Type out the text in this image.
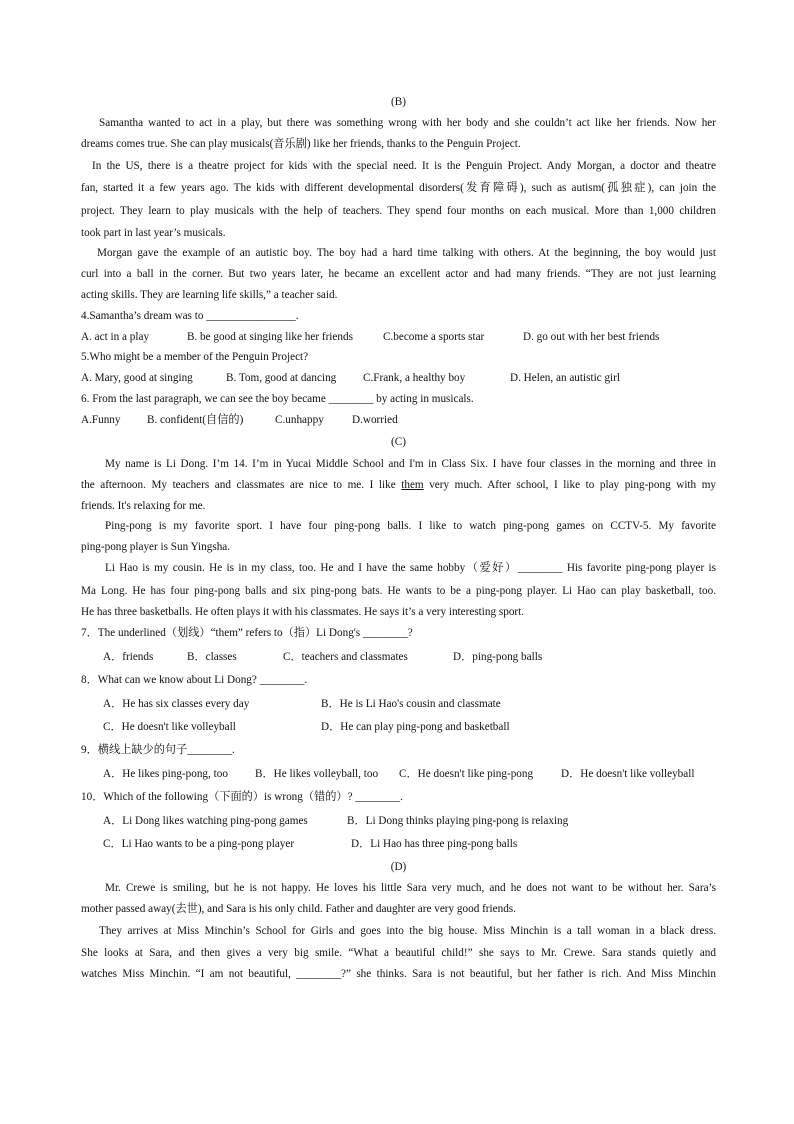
(B)
Samantha wanted to act in a play, but there was something wrong with her body and she couldn’t act like her friends. Now her
dreams comes true. She can play musicals(音乐剧) like her friends, thanks to the Penguin Project.
In the US, there is a theatre project for kids with the special need. It is the Penguin Project. Andy Morgan, a doctor and theatre
fan, started it a few years ago. The kids with different developmental disorders(发育障碍), such as autism(孤独症), can join the
project. They learn to play musicals with the help of teachers. They spend four months on each musical. More than 1,000 children
took part in last year’s musicals.
Morgan gave the example of an autistic boy. The boy had a hard time talking with others. At the beginning, the boy would just
curl into a ball in the corner. But two years later, he became an excellent actor and had many friends. “They are not just learning
acting skills. They are learning life skills,” a teacher said.
4.Samantha’s dream was to ________________.
A. act in a play	B. be good at singing like her friends	C.become a sports star	D. go out with her best friends
5.Who might be a member of the Penguin Project?
A. Mary, good at singing	B. Tom, good at dancing C.Frank, a healthy boy	D. Helen, an autistic girl
6. From the last paragraph, we can see the boy became ________ by acting in musicals.
A.Funny B. confident(自信的)	C.unhappy	D.worried
(C)
My name is Li Dong. I’m 14. I’m in Yucai Middle School and I'm in Class Six. I have four classes in the morning and three in
the afternoon. My teachers and classmates are nice to me. I like them very much. After school, I like to play ping-pong with my
friends. It's relaxing for me.
Ping-pong is my favorite sport. I have four ping-pong balls. I like to watch ping-pong games on CCTV-5. My favorite
ping-pong player is Sun Yingsha.
Li Hao is my cousin. He is in my class, too. He and I have the same hobby（爱好）________ His favorite ping-pong player is
Ma Long. He has four ping-pong balls and six ping-pong bats. He wants to be a ping-pong player. Li Hao can play basketball, too.
He has three basketballs. He often plays it with his classmates. He says it’s a very interesting sport.
7．The underlined（划线）“them” refers to（指）Li Dong's ________?
A．friends	B．classes	C．teachers and classmates	D．ping-pong balls
8．What can we know about Li Dong? ________.
A．He has six classes every day	B．He is Li Hao's cousin and classmate
C．He doesn't like volleyball	D．He can play ping-pong and basketball
9．横线上缺少的句子________.
A．He likes ping-pong, too B．He likes volleyball, too C．He doesn't like ping-pong D．He doesn't like volleyball
10．Which of the following（下面的）is wrong（错的）? ________.
A．Li Dong likes watching ping-pong games	B．Li Dong thinks playing ping-pong is relaxing
C．Li Hao wants to be a ping-pong player	D．Li Hao has three ping-pong balls
(D)
Mr. Crewe is smiling, but he is not happy. He loves his little Sara very much, and he does not want to be without her. Sara’s
mother passed away(去世), and Sara is his only child. Father and daughter are very good friends.
They arrives at Miss Minchin’s School for Girls and goes into the big house. Miss Minchin is a tall woman in a black dress.
She looks at Sara, and then gives a very big smile. “What a beautiful child!” she says to Mr. Crewe. Sara stands quietly and
watches Miss Minchin. “I am not beautiful, ________?” she thinks. Sara is not beautiful, but her father is rich. And Miss Minchin
